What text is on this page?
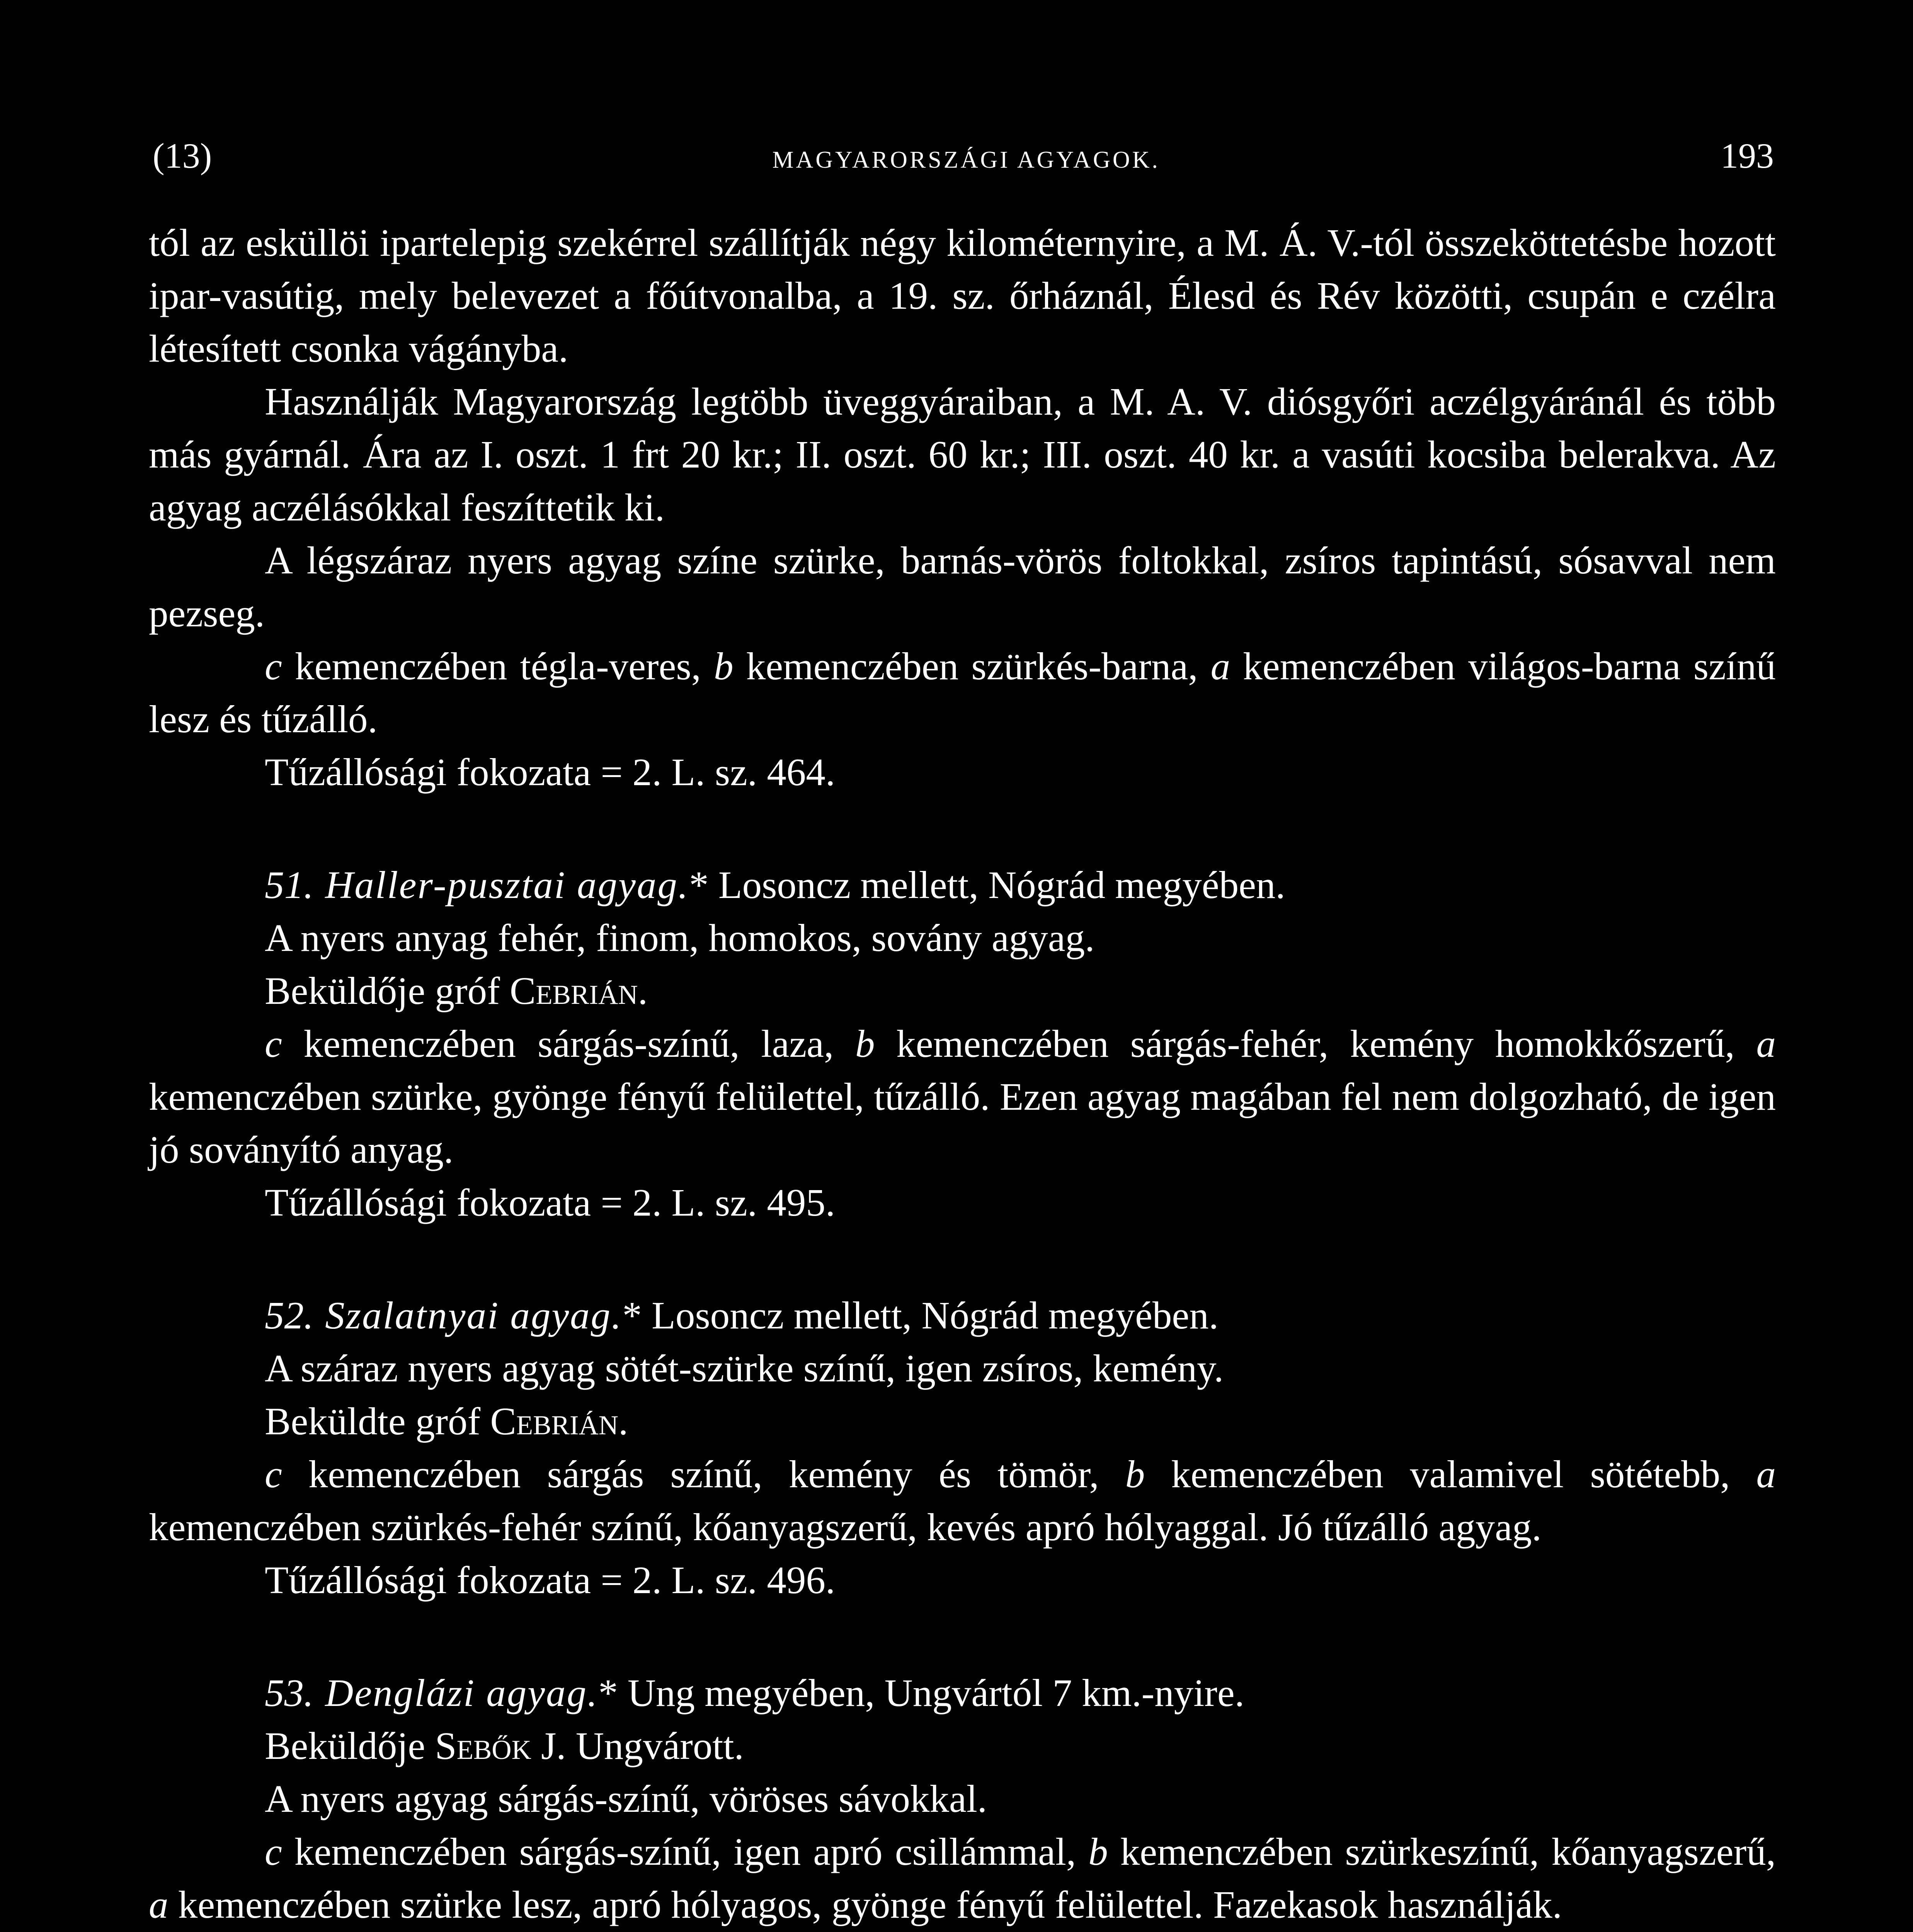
(13)	MAGYARORSZÁGI AGYAGOK.	193

tól az esküllöi ipartelepig szekérrel szállítják négy kilométernyire, a M. Á. V.-tól összeköttetésbe hozott ipar-vasútig, mely belevezet a főútvonalba, a 19. sz. őrháznál, Élesd és Rév közötti, csupán e czélra létesített csonka vágányba.

Használják Magyarország legtöbb üveggyáraiban, a M. A. V. diósgyőri aczélgyáránál és több más gyárnál. Ára az I. oszt. 1 frt 20 kr.; II. oszt. 60 kr.; III. oszt. 40 kr. a vasúti kocsiba belerakva. Az agyag aczélásókkal feszíttetik ki.

A légszáraz nyers agyag színe szürke, barnás-vörös foltokkal, zsíros tapintású, sósavval nem pezseg.

c kemenczében tégla-veres, b kemenczében szürkés-barna, a kemenczében világos-barna színű lesz és tűzálló.

Tűzállósági fokozata = 2. L. sz. 464.

51. Haller-pusztai agyag.* Losoncz mellett, Nógrád megyében.

A nyers anyag fehér, finom, homokos, sovány agyag.

Beküldője gróf Cebrián.

c kemenczében sárgás-színű, laza, b kemenczében sárgás-fehér, kemény homokkőszerű, a kemenczében szürke, gyönge fényű felülettel, tűzálló. Ezen agyag magában fel nem dolgozható, de igen jó soványító anyag.

Tűzállósági fokozata = 2. L. sz. 495.

52. Szalatnyai agyag.* Losoncz mellett, Nógrád megyében.

A száraz nyers agyag sötét-szürke színű, igen zsíros, kemény.

Beküldte gróf Cebrián.

c kemenczében sárgás színű, kemény és tömör, b kemenczében valamivel sötétebb, a kemenczében szürkés-fehér színű, kőanyagszerű, kevés apró hólyaggal. Jó tűzálló agyag.

Tűzállósági fokozata = 2. L. sz. 496.

53. Denglázi agyag.* Ung megyében, Ungvártól 7 km.-nyire.

Beküldője Sebők J. Ungvárott.

A nyers agyag sárgás-színű, vöröses sávokkal.

c kemenczében sárgás-színű, igen apró csillámmal, b kemenczében szürkeszínű, kőanyagszerű, a kemenczében szürke lesz, apró hólyagos, gyönge fényű felülettel. Fazekasok használják.
